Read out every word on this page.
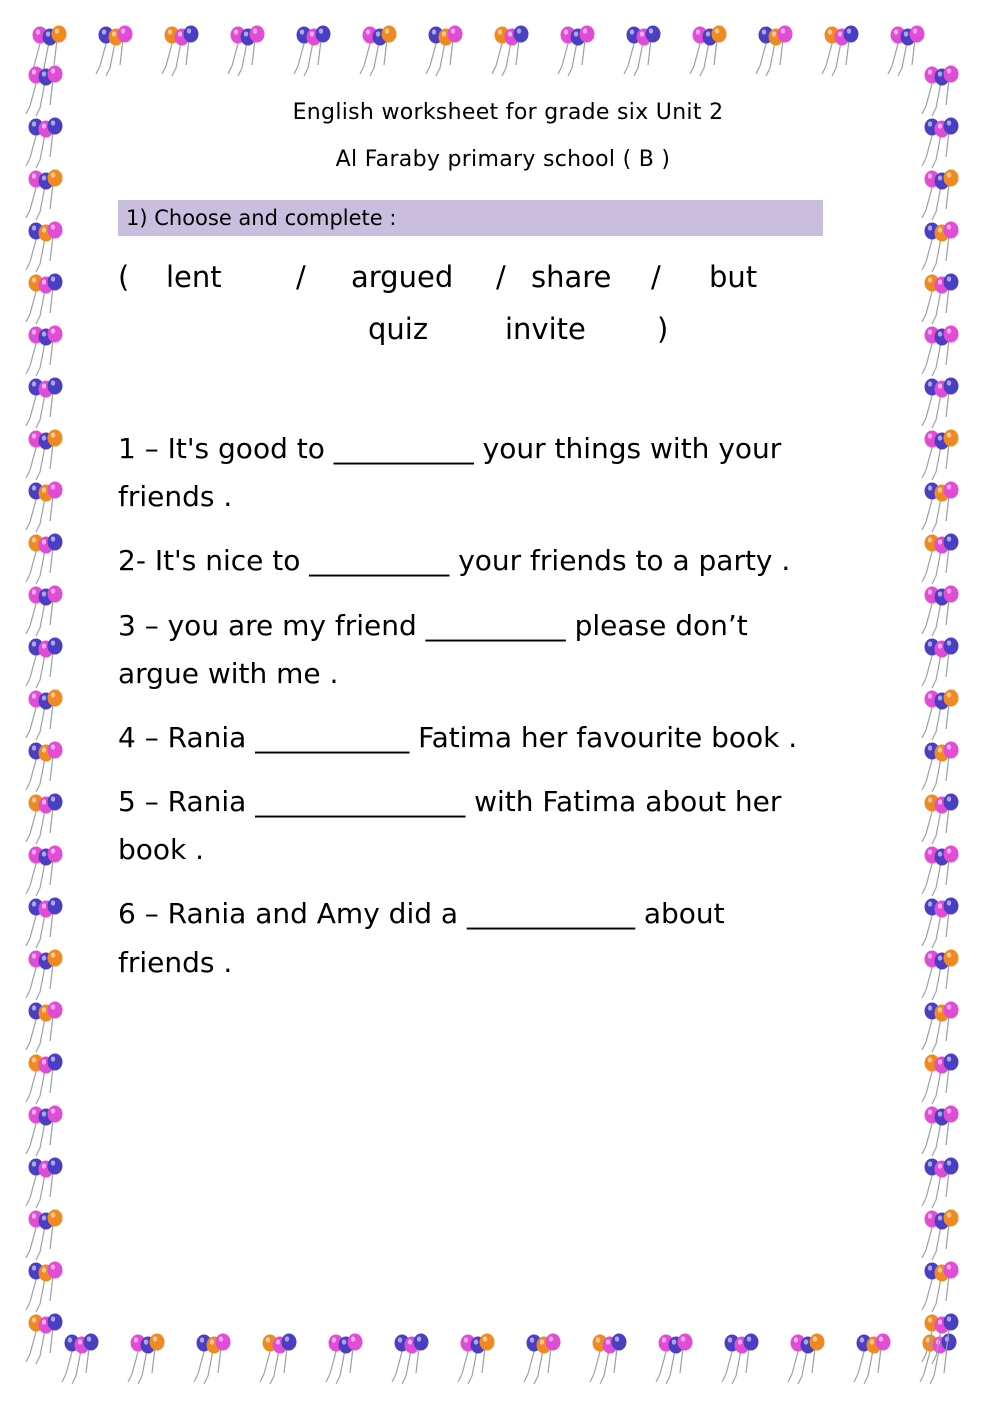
English worksheet for grade six Unit 2
Al Faraby primary school ( B )
1) Choose and complete :
(	lent	/	argued	/ share	/	but
quiz	invite	)
1 – It's good to __________ your things with your friends .
2- It's nice to __________ your friends to a party .
3 – you are my friend __________ please don’t argue with me .
4 – Rania ___________ Fatima her favourite book .
5 – Rania _______________ with Fatima about her book .
6 – Rania and Amy did a ____________ about friends .
